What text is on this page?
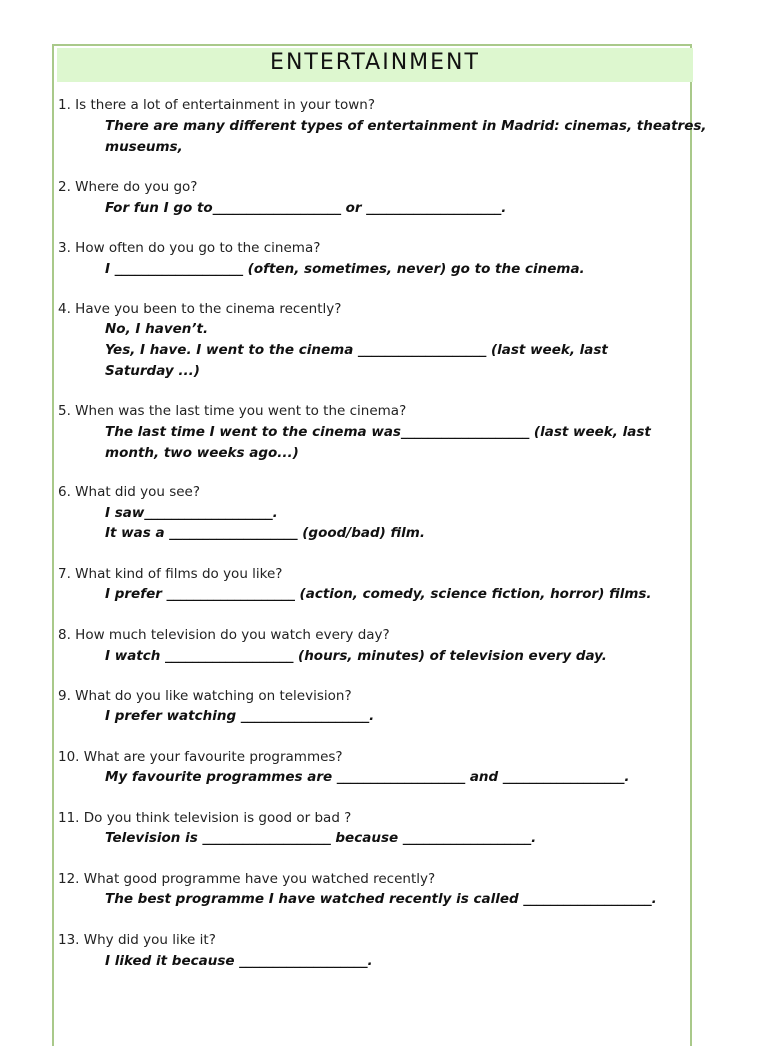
ENTERTAINMENT
1. Is there a lot of entertainment in your town?
There are many different types of entertainment in Madrid: cinemas, theatres,
museums,
2. Where do you go?
For fun I go to___________________ or ____________________.
3. How often do you go to the cinema?
I ___________________ (often, sometimes, never) go to the cinema.
4. Have you been to the cinema recently?
No, I haven’t.
Yes, I have. I went to the cinema ___________________ (last week, last
Saturday ...)
5. When was the last time you went to the cinema?
The last time I went to the cinema was___________________ (last week, last
month, two weeks ago...)
6. What did you see?
I saw___________________.
It was a ___________________ (good/bad) film.
7. What kind of films do you like?
I prefer ___________________ (action, comedy, science fiction, horror) films.
8. How much television do you watch every day?
I watch ___________________ (hours, minutes) of television every day.
9. What do you like watching on television?
I prefer watching ___________________.
10. What are your favourite programmes?
My favourite programmes are ___________________ and __________________.
11. Do you think television is good or bad ?
Television is ___________________ because ___________________.
12. What good programme have you watched recently?
The best programme I have watched recently is called ___________________.
13. Why did you like it?
I liked it because ___________________.
